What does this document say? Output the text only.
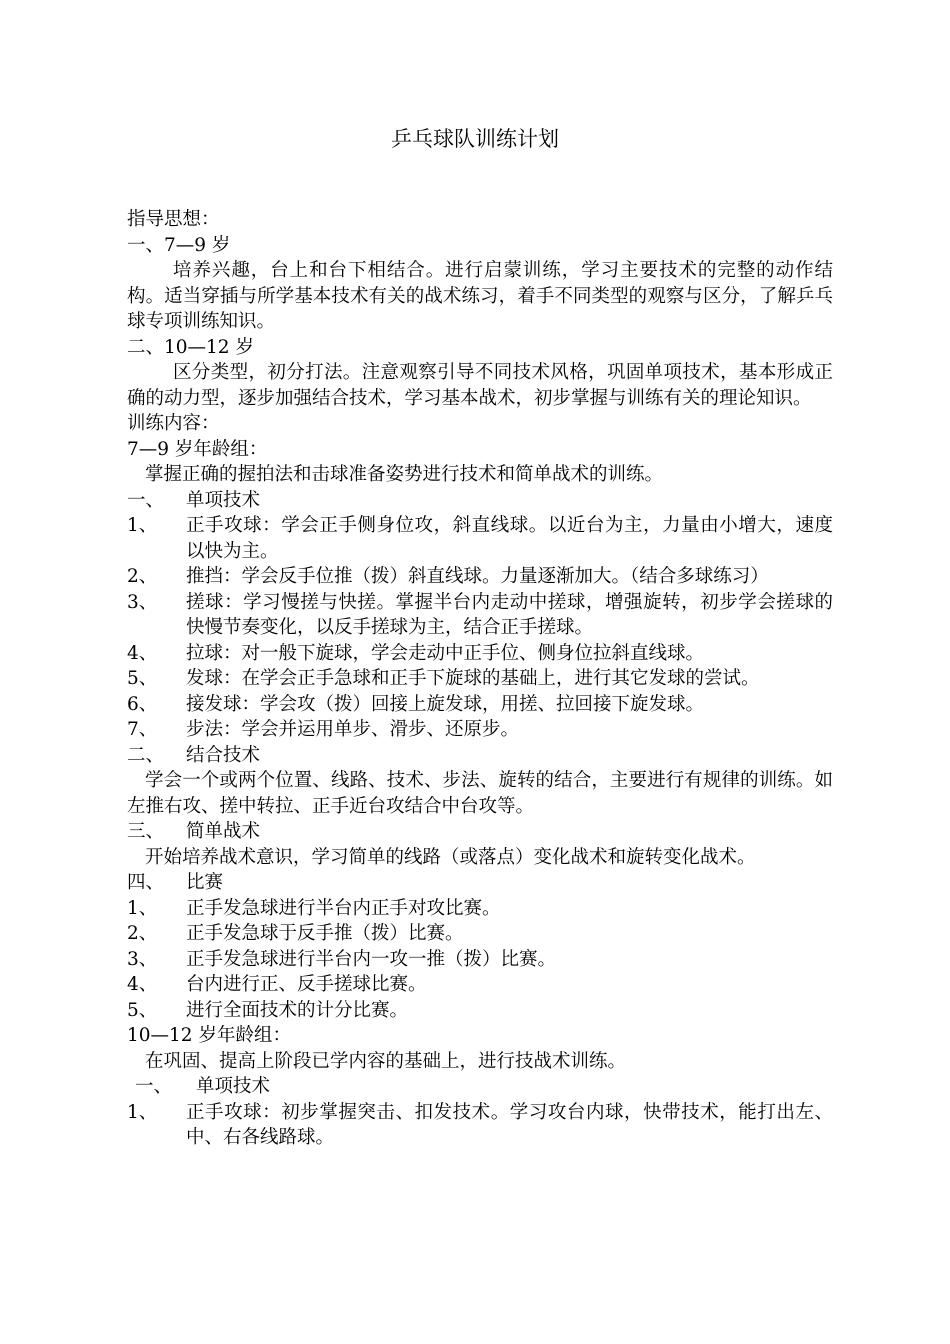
乒乓球队训练计划
指导思想：
一、7—9 岁
培养兴趣，台上和台下相结合。进行启蒙训练，学习主要技术的完整的动作结构。适当穿插与所学基本技术有关的战术练习，着手不同类型的观察与区分，了解乒乓球专项训练知识。
二、10—12 岁
区分类型，初分打法。注意观察引导不同技术风格，巩固单项技术，基本形成正确的动力型，逐步加强结合技术，学习基本战术，初步掌握与训练有关的理论知识。
训练内容：
7—9 岁年龄组：
掌握正确的握拍法和击球准备姿势进行技术和简单战术的训练。
一、	单项技术
1、	正手攻球：学会正手侧身位攻，斜直线球。以近台为主，力量由小增大，速度以快为主。
2、	推挡：学会反手位推（拨）斜直线球。力量逐渐加大。（结合多球练习）
3、	搓球：学习慢搓与快搓。掌握半台内走动中搓球，增强旋转，初步学会搓球的快慢节奏变化，以反手搓球为主，结合正手搓球。
4、	拉球：对一般下旋球，学会走动中正手位、侧身位拉斜直线球。
5、	发球：在学会正手急球和正手下旋球的基础上，进行其它发球的尝试。
6、	接发球：学会攻（拨）回接上旋发球，用搓、拉回接下旋发球。
7、	步法：学会并运用单步、滑步、还原步。
二、	结合技术
学会一个或两个位置、线路、技术、步法、旋转的结合，主要进行有规律的训练。如左推右攻、搓中转拉、正手近台攻结合中台攻等。
三、	简单战术
开始培养战术意识，学习简单的线路（或落点）变化战术和旋转变化战术。
四、	比赛
1、	正手发急球进行半台内正手对攻比赛。
2、	正手发急球于反手推（拨）比赛。
3、	正手发急球进行半台内一攻一推（拨）比赛。
4、	台内进行正、反手搓球比赛。
5、	进行全面技术的计分比赛。
10—12 岁年龄组：
在巩固、提高上阶段已学内容的基础上，进行技战术训练。
一、	单项技术
1、	正手攻球：初步掌握突击、扣发技术。学习攻台内球，快带技术，能打出左、中、右各线路球。
